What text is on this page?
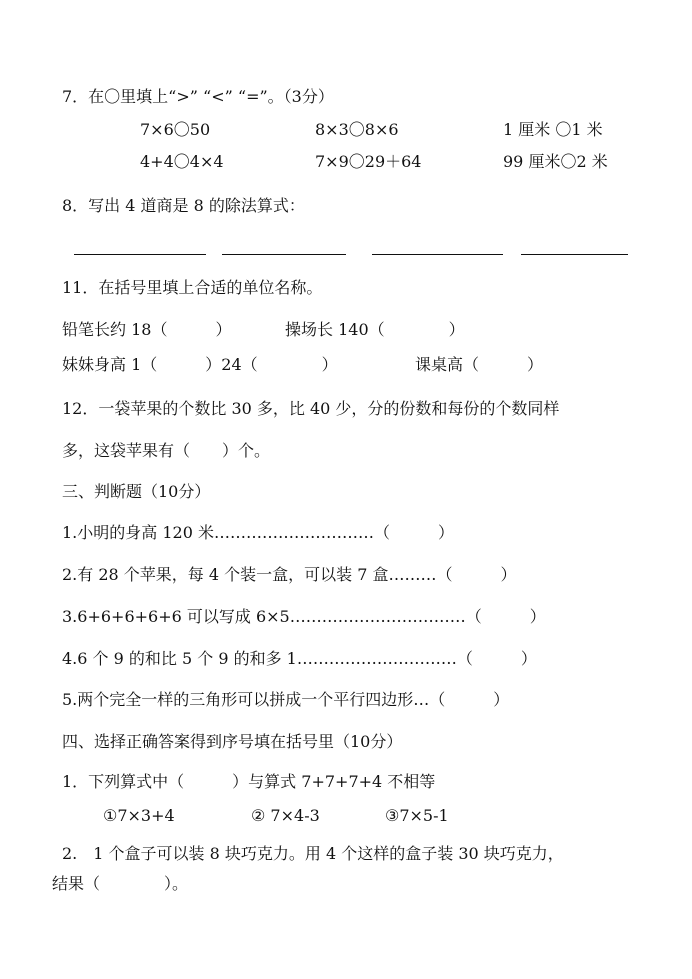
7．在〇里填上“>” “<” “=”。（3分）
7×6〇50	8×3〇8×6	1 厘米 〇1 米
4+4〇4×4	7×9〇29＋64	99 厘米〇2 米
8．写出 4 道商是 8 的除法算式：
11．在括号里填上合适的单位名称。
铅笔长约 18（　　　）	操场长 140（　　　　）
妹妹身高 1（　　　）24（　　　　）	课桌高（　　　）
12．一袋苹果的个数比 30 多，比 40 少，分的份数和每份的个数同样
多，这袋苹果有（　　）个。
三、判断题（10分）
1.小明的身高 120 米…………………………（　　　）
2.有 28 个苹果，每 4 个装一盒，可以装 7 盒………（　　　）
3.6+6+6+6+6 可以写成 6×5……………………………（　　　）
4.6 个 9 的和比 5 个 9 的和多 1…………………………（　　　）
5.两个完全一样的三角形可以拼成一个平行四边形…（　　　）
四、选择正确答案得到序号填在括号里（10分）
1．下列算式中（　　　）与算式 7+7+7+4 不相等
①7×3+4	② 7×4-3	③7×5-1
2.　1 个盒子可以装 8 块巧克力。用 4 个这样的盒子装 30 块巧克力，
结果（　　　　）。
